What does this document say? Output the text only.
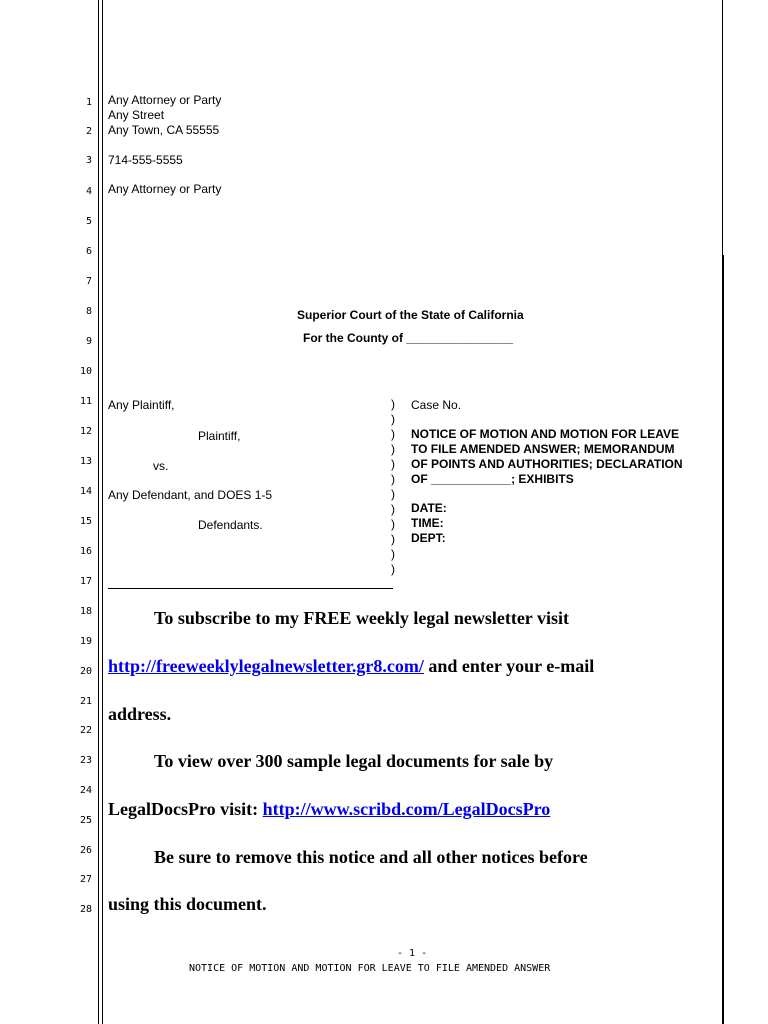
1
2
3
4
5
6
7
8
9
10
11
12
13
14
15
16
17
18
19
20
21
22
23
24
25
26
27
28
Any Attorney or Party
Any Street
Any Town, CA 55555
714-555-5555
Any Attorney or Party
Superior Court of the State of California
For the County of ________________
Any Plaintiff,
Plaintiff,
vs.
Any Defendant, and DOES 1-5
Defendants.
)
)
)
)
)
)
)
)
)
)
)
)
Case No.
NOTICE OF MOTION AND MOTION FOR LEAVE
TO FILE AMENDED ANSWER; MEMORANDUM
OF POINTS AND AUTHORITIES; DECLARATION
OF ____________; EXHIBITS
DATE:
TIME:
DEPT:
To subscribe to my FREE weekly legal newsletter visit
http://freeweeklylegalnewsletter.gr8.com/ and enter your e-mail
address.
To view over 300 sample legal documents for sale by
LegalDocsPro visit: http://www.scribd.com/LegalDocsPro
Be sure to remove this notice and all other notices before
using this document.
- 1 -
NOTICE OF MOTION AND MOTION FOR LEAVE TO FILE AMENDED ANSWER
